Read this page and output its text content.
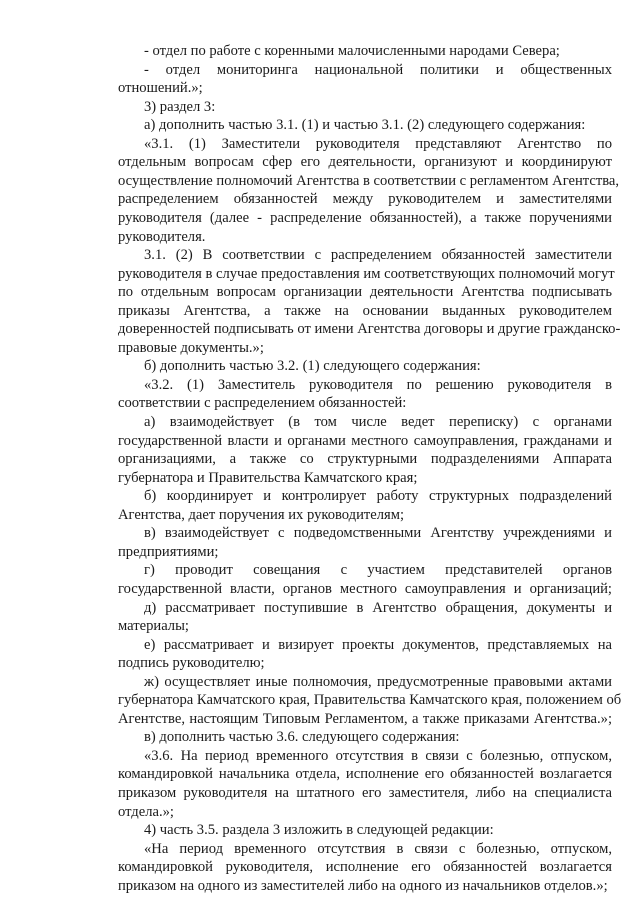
- отдел по работе с коренными малочисленными народами Севера;
- отдел мониторинга национальной политики и общественных
отношений.»;
3) раздел 3:
а) дополнить частью 3.1. (1) и частью 3.1. (2) следующего содержания:
«3.1. (1) Заместители руководителя представляют Агентство по
отдельным вопросам сфер его деятельности, организуют и координируют
осуществление полномочий Агентства в соответствии с регламентом Агентства,
распределением обязанностей между руководителем и заместителями
руководителя (далее - распределение обязанностей), а также поручениями
руководителя.
3.1. (2) В соответствии с распределением обязанностей заместители
руководителя в случае предоставления им соответствующих полномочий могут
по отдельным вопросам организации деятельности Агентства подписывать
приказы Агентства, а также на основании выданных руководителем
доверенностей подписывать от имени Агентства договоры и другие гражданско-
правовые документы.»;
б) дополнить частью 3.2. (1) следующего содержания:
«3.2. (1) Заместитель руководителя по решению руководителя в
соответствии с распределением обязанностей:
а) взаимодействует (в том числе ведет переписку) с органами
государственной власти и органами местного самоуправления, гражданами и
организациями, а также со структурными подразделениями Аппарата
губернатора и Правительства Камчатского края;
б) координирует и контролирует работу структурных подразделений
Агентства, дает поручения их руководителям;
в) взаимодействует с подведомственными Агентству учреждениями и
предприятиями;
г) проводит совещания с участием представителей органов
государственной власти, органов местного самоуправления и организаций;
д) рассматривает поступившие в Агентство обращения, документы и
материалы;
е) рассматривает и визирует проекты документов, представляемых на
подпись руководителю;
ж) осуществляет иные полномочия, предусмотренные правовыми актами
губернатора Камчатского края, Правительства Камчатского края, положением об
Агентстве, настоящим Типовым Регламентом, а также приказами Агентства.»;
в) дополнить частью 3.6. следующего содержания:
«3.6. На период временного отсутствия в связи с болезнью, отпуском,
командировкой начальника отдела, исполнение его обязанностей возлагается
приказом руководителя на штатного его заместителя, либо на специалиста
отдела.»;
4) часть 3.5. раздела 3 изложить в следующей редакции:
«На период временного отсутствия в связи с болезнью, отпуском,
командировкой руководителя, исполнение его обязанностей возлагается
приказом на одного из заместителей либо на одного из начальников отделов.»;
